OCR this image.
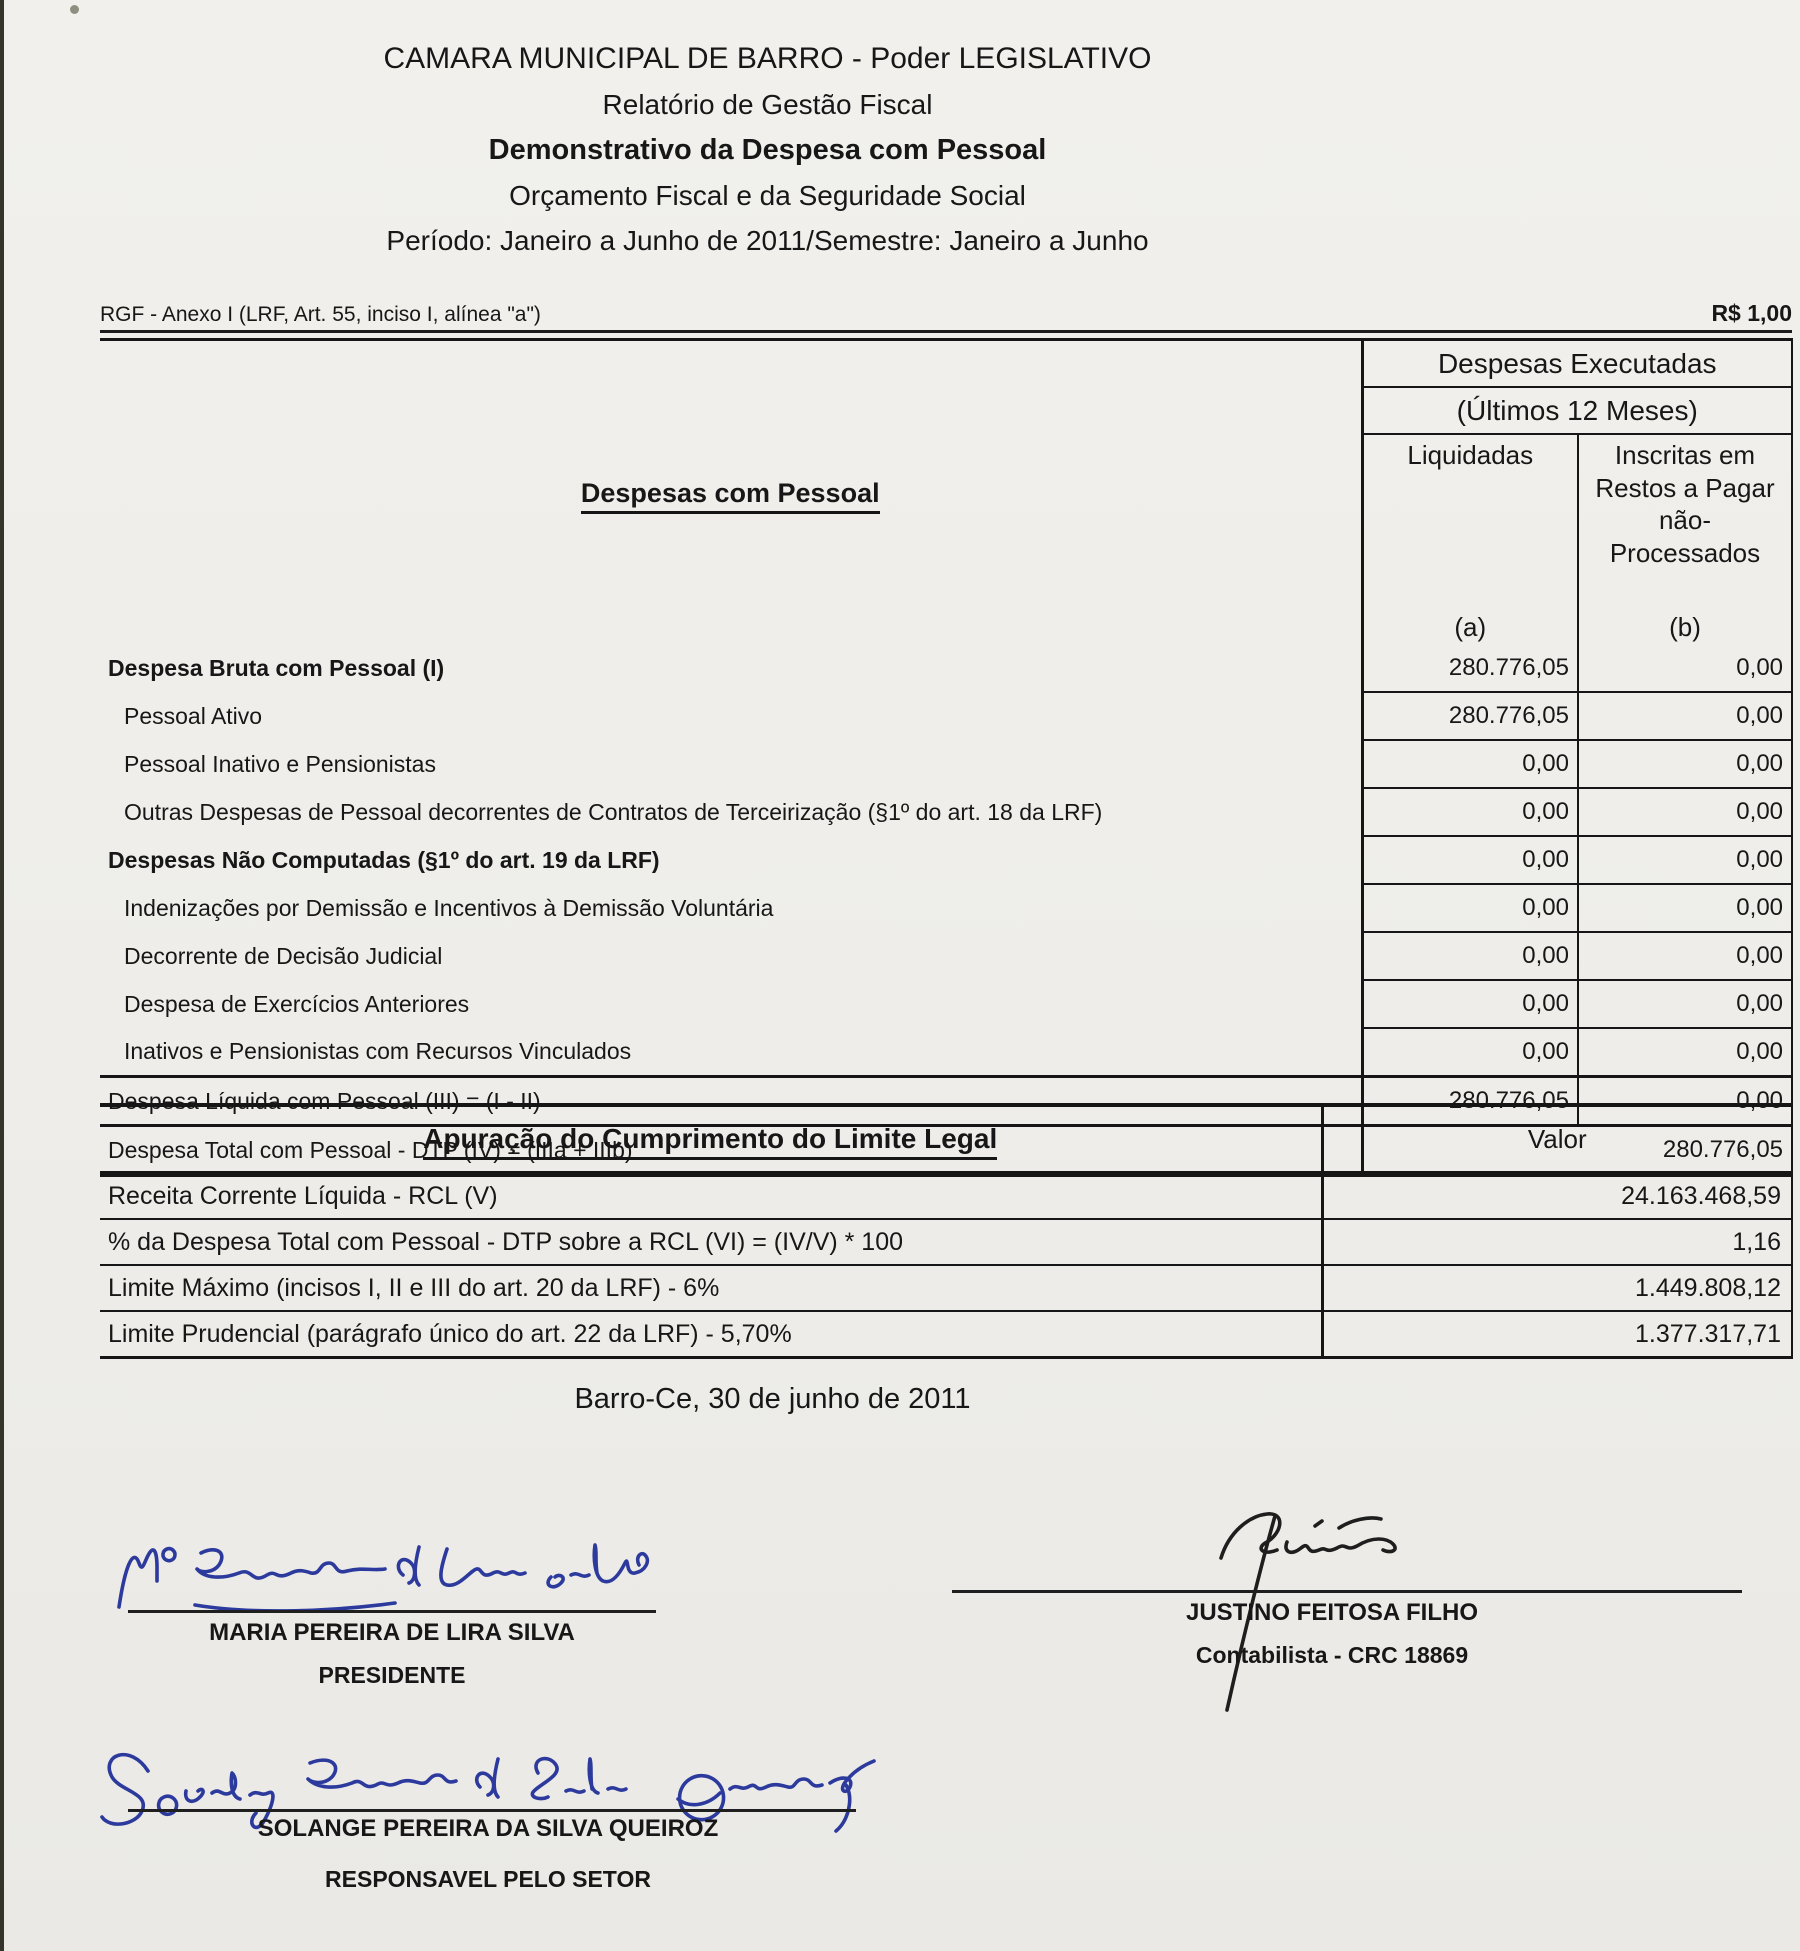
CAMARA MUNICIPAL DE BARRO - Poder LEGISLATIVO
Relatório de Gestão Fiscal
Demonstrativo da Despesa com Pessoal
Orçamento Fiscal e da Seguridade Social
Período: Janeiro a Junho de 2011/Semestre: Janeiro a Junho
RGF - Anexo I (LRF, Art. 55, inciso I, alínea "a")	R$ 1,00
Despesas com Pessoal	Despesas Executadas	
	(Últimos 12 Meses)	

Liquidadas
(a)

Inscritas em Restos a Pagar não-Processados
(b)

Despesa Bruta com Pessoal (I)	280.776,05	0,00
Pessoal Ativo	280.776,05	0,00
Pessoal Inativo e Pensionistas	0,00	0,00
Outras Despesas de Pessoal decorrentes de Contratos de Terceirização (§1º do art. 18 da LRF)	0,00	0,00
Despesas Não Computadas (§1º do art. 19 da LRF)	0,00	0,00
Indenizações por Demissão e Incentivos à Demissão Voluntária	0,00	0,00
Decorrente de Decisão Judicial	0,00	0,00
Despesa de Exercícios Anteriores	0,00	0,00
Inativos e Pensionistas com Recursos Vinculados	0,00	0,00
Despesa Líquida com Pessoal (III) = (I - II)	280.776,05	0,00
Despesa Total com Pessoal - DTP (IV) = (IIIa + IIIb)	280.776,05	
Apuração do Cumprimento do Limite Legal	Valor
Receita Corrente Líquida - RCL (V)	24.163.468,59
% da Despesa Total com Pessoal - DTP sobre a RCL (VI) = (IV/V) * 100	1,16
Limite Máximo (incisos I, II e III do art. 20 da LRF) - 6%	1.449.808,12
Limite Prudencial (parágrafo único do art. 22 da LRF) - 5,70%	1.377.317,71
Barro-Ce, 30 de junho de 2011
MARIA PEREIRA DE LIRA SILVA
PRESIDENTE
JUSTINO FEITOSA FILHO
Contabilista - CRC 18869
SOLANGE PEREIRA DA SILVA QUEIROZ
RESPONSAVEL PELO SETOR
